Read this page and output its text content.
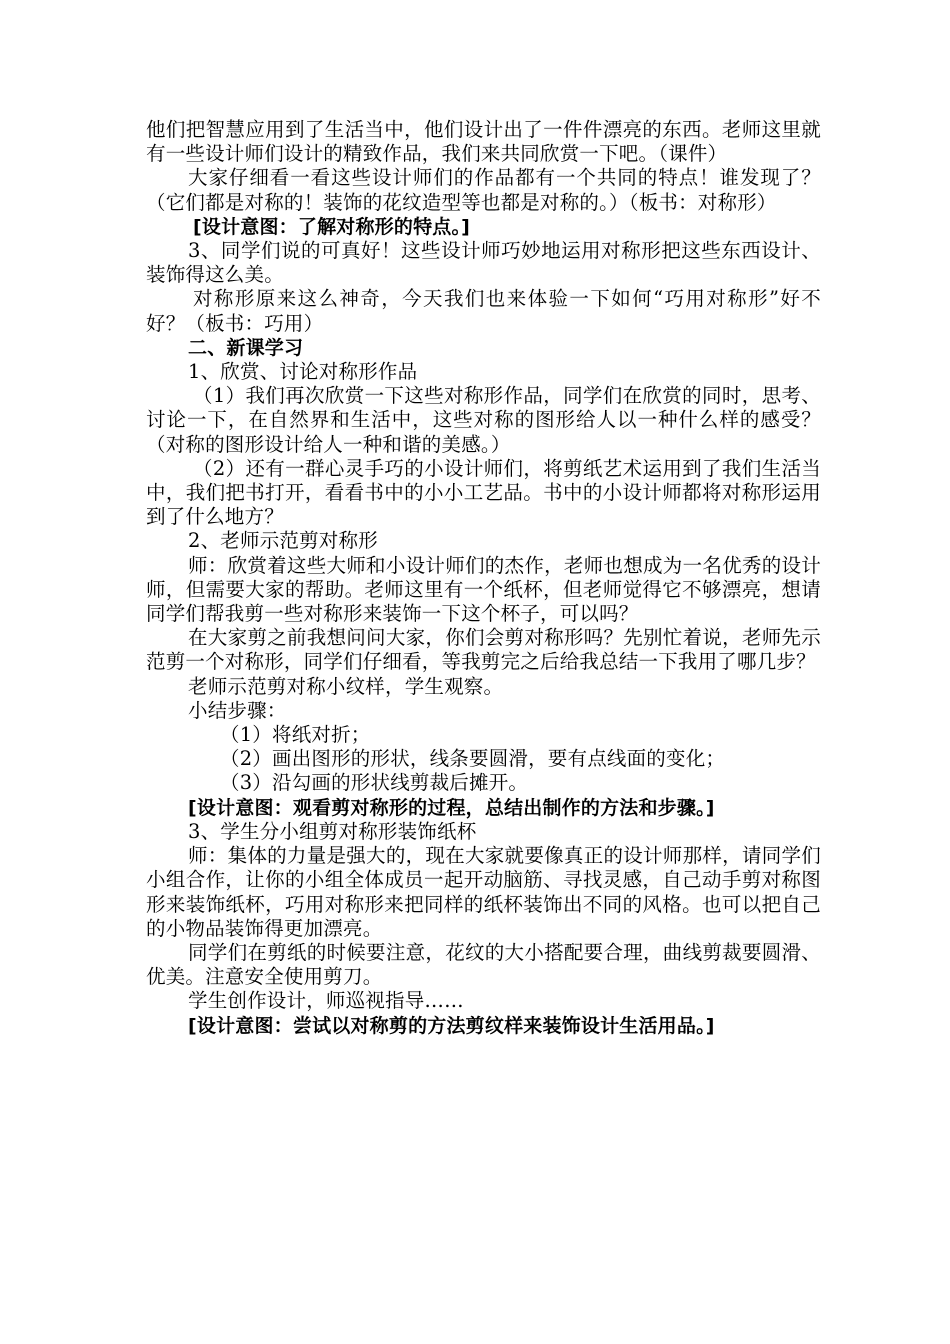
他们把智慧应用到了生活当中，他们设计出了一件件漂亮的东西。老师这里就有一些设计师们设计的精致作品，我们来共同欣赏一下吧。（课件）

大家仔细看一看这些设计师们的作品都有一个共同的特点！谁发现了？（它们都是对称的！装饰的花纹造型等也都是对称的。）（板书：对称形）

[设计意图：了解对称形的特点。]

3、同学们说的可真好！这些设计师巧妙地运用对称形把这些东西设计、装饰得这么美。

对称形原来这么神奇，今天我们也来体验一下如何“巧用对称形”好不好？（板书：巧用）

二、新课学习

1、欣赏、讨论对称形作品

（1）我们再次欣赏一下这些对称形作品，同学们在欣赏的同时，思考、讨论一下，在自然界和生活中，这些对称的图形给人以一种什么样的感受？（对称的图形设计给人一种和谐的美感。）

（2）还有一群心灵手巧的小设计师们，将剪纸艺术运用到了我们生活当中，我们把书打开，看看书中的小小工艺品。书中的小设计师都将对称形运用到了什么地方？

2、老师示范剪对称形

师：欣赏着这些大师和小设计师们的杰作，老师也想成为一名优秀的设计师，但需要大家的帮助。老师这里有一个纸杯，但老师觉得它不够漂亮，想请同学们帮我剪一些对称形来装饰一下这个杯子，可以吗？

在大家剪之前我想问问大家，你们会剪对称形吗？先别忙着说，老师先示范剪一个对称形，同学们仔细看，等我剪完之后给我总结一下我用了哪几步？

老师示范剪对称小纹样，学生观察。

小结步骤：

（1）将纸对折；

（2）画出图形的形状，线条要圆滑，要有点线面的变化；

（3）沿勾画的形状线剪裁后摊开。

[设计意图：观看剪对称形的过程，总结出制作的方法和步骤。]

3、学生分小组剪对称形装饰纸杯

师：集体的力量是强大的，现在大家就要像真正的设计师那样，请同学们小组合作，让你的小组全体成员一起开动脑筋、寻找灵感，自己动手剪对称图形来装饰纸杯，巧用对称形来把同样的纸杯装饰出不同的风格。也可以把自己的小物品装饰得更加漂亮。

同学们在剪纸的时候要注意，花纹的大小搭配要合理，曲线剪裁要圆滑、优美。注意安全使用剪刀。

学生创作设计，师巡视指导……

[设计意图：尝试以对称剪的方法剪纹样来装饰设计生活用品。]
